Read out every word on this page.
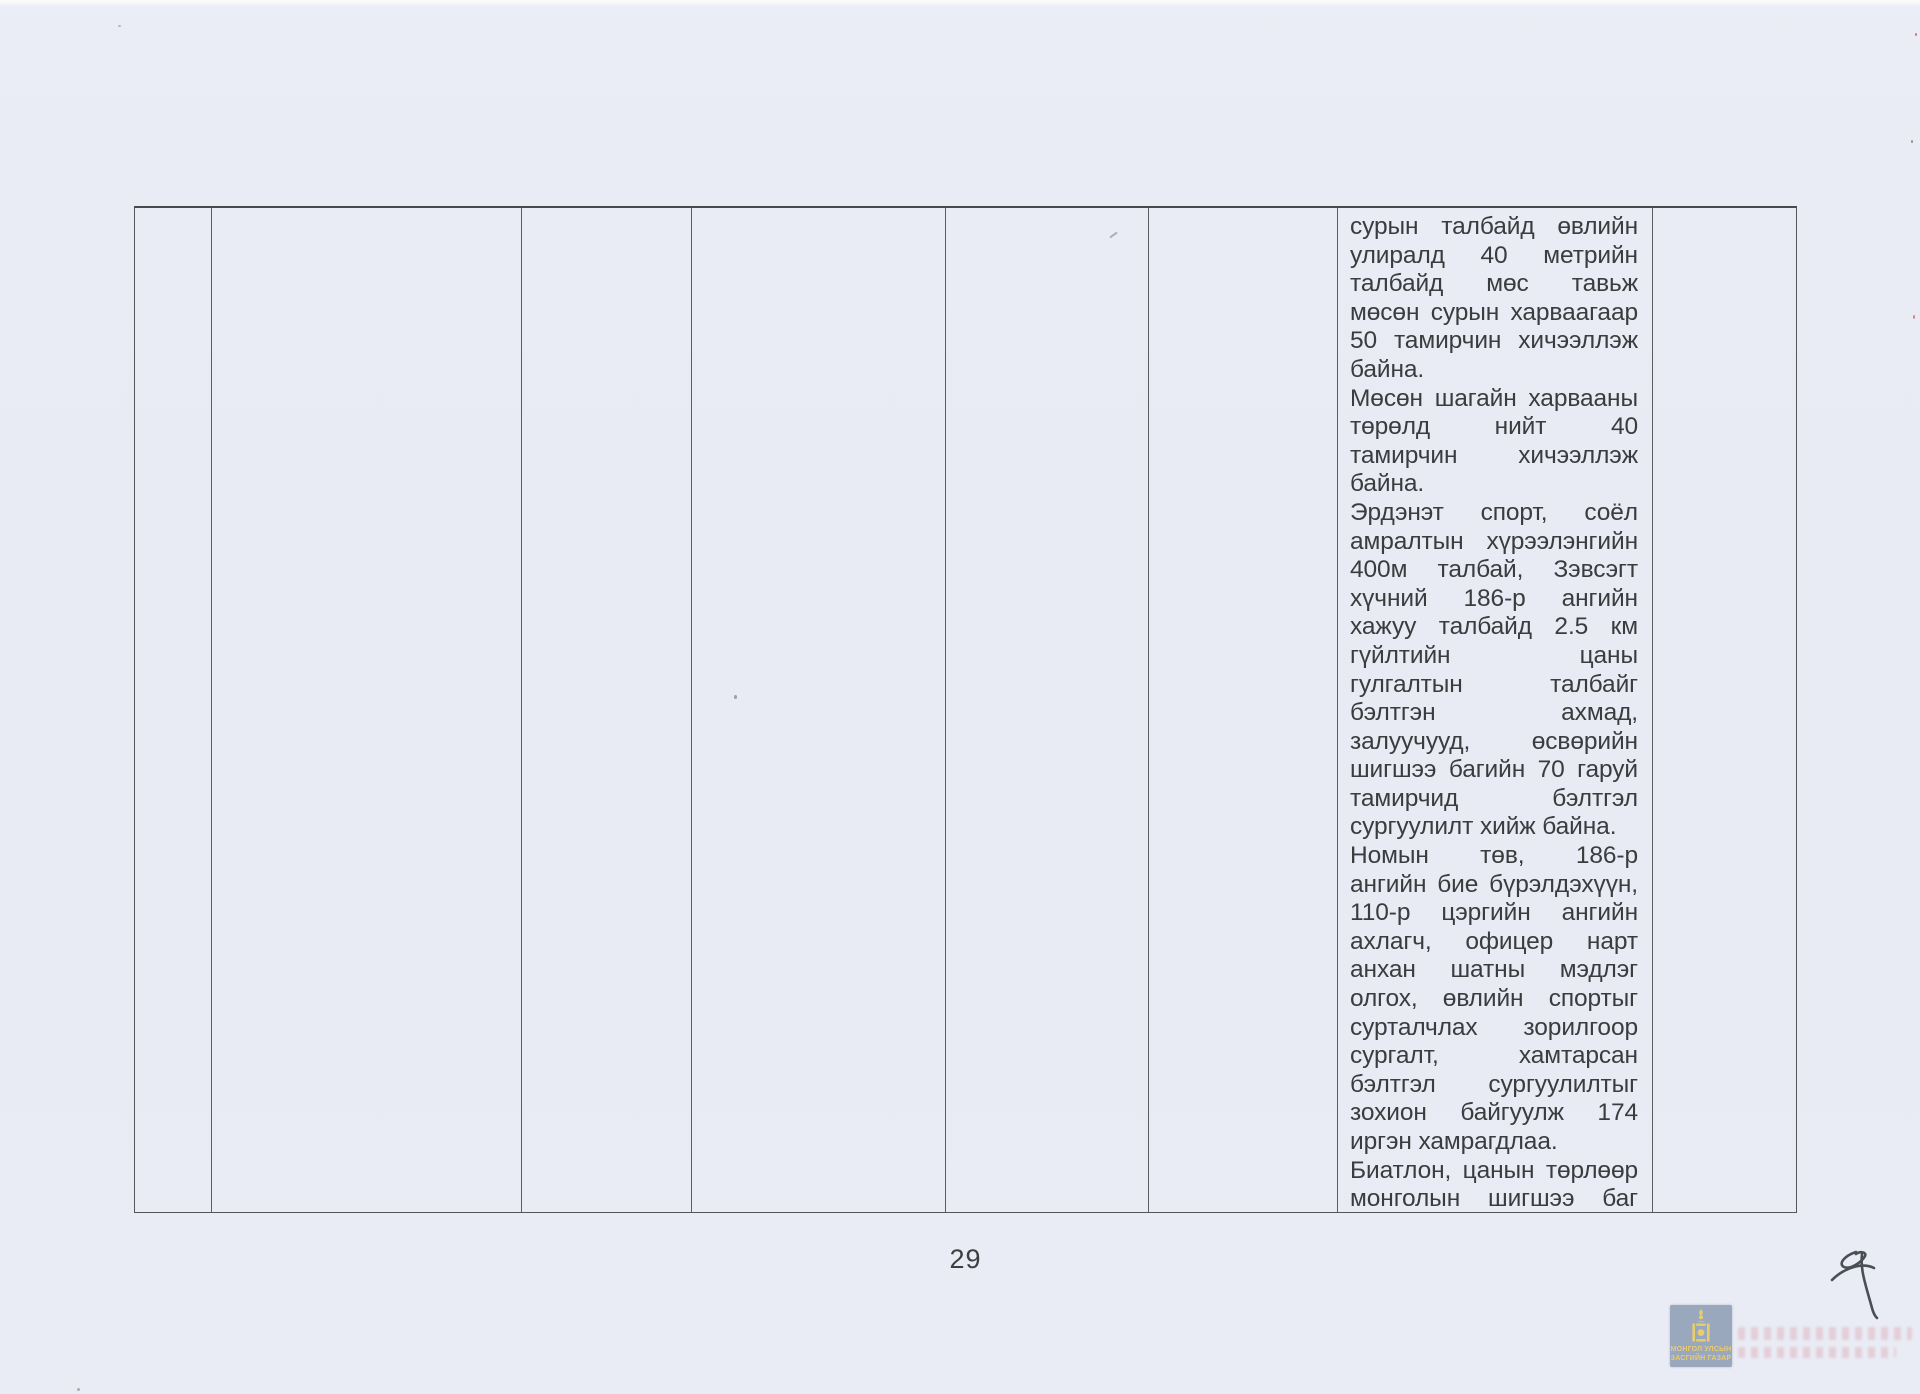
сурын талбайд өвлийн
улиралд 40 метрийн
талбайд мөс тавьж
мөсөн сурын харваагаар
50 тамирчин хичээллэж
байна.
Мөсөн шагайн харвааны
төрөлд нийт 40
тамирчин хичээллэж
байна.
Эрдэнэт спорт, соёл
амралтын хүрээлэнгийн
400м талбай, Зэвсэгт
хүчний 186-р ангийн
хажуу талбайд 2.5 км
гүйлтийн цаны
гулгалтын талбайг
бэлтгэн ахмад,
залуучууд, өсвөрийн
шигшээ багийн 70 гаруй
тамирчид бэлтгэл
сургуулилт хийж байна.
Номын төв, 186-р
ангийн бие бүрэлдэхүүн,
110-р цэргийн ангийн
ахлагч, офицер нарт
анхан шатны мэдлэг
олгох, өвлийн спортыг
сурталчлах зорилгоор
сургалт, хамтарсан
бэлтгэл сургуулилтыг
зохион байгуулж 174
иргэн хамрагдлаа.
Биатлон, цанын төрлөөр
монголын шигшээ баг
29
МОНГОЛ УЛСЫН
ЗАСГИЙН ГАЗАР
